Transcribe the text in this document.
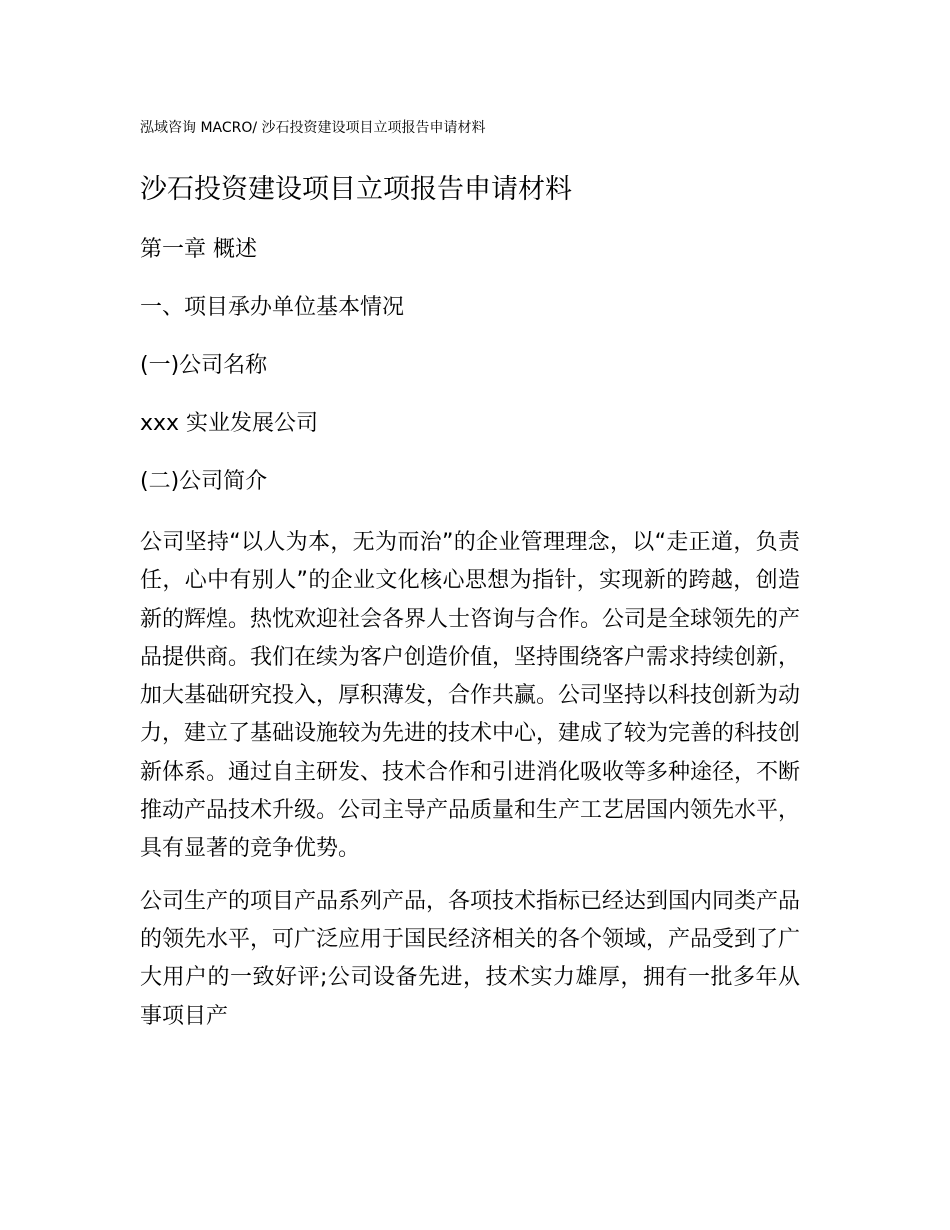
泓域咨询 MACRO/ 沙石投资建设项目立项报告申请材料
沙石投资建设项目立项报告申请材料
第一章 概述
一、项目承办单位基本情况
(一)公司名称

xxx 实业发展公司

(二)公司简介

公司坚持“以人为本，无为而治”的企业管理理念，以“走正道，负责任，心中有别人”的企业文化核心思想为指针，实现新的跨越，创造新的辉煌。热忱欢迎社会各界人士咨询与合作。公司是全球领先的产品提供商。我们在续为客户创造价值，坚持围绕客户需求持续创新，加大基础研究投入，厚积薄发，合作共赢。公司坚持以科技创新为动力，建立了基础设施较为先进的技术中心，建成了较为完善的科技创新体系。通过自主研发、技术合作和引进消化吸收等多种途径，不断推动产品技术升级。公司主导产品质量和生产工艺居国内领先水平，具有显著的竞争优势。

公司生产的项目产品系列产品，各项技术指标已经达到国内同类产品的领先水平，可广泛应用于国民经济相关的各个领域，产品受到了广大用户的一致好评;公司设备先进，技术实力雄厚，拥有一批多年从事项目产
